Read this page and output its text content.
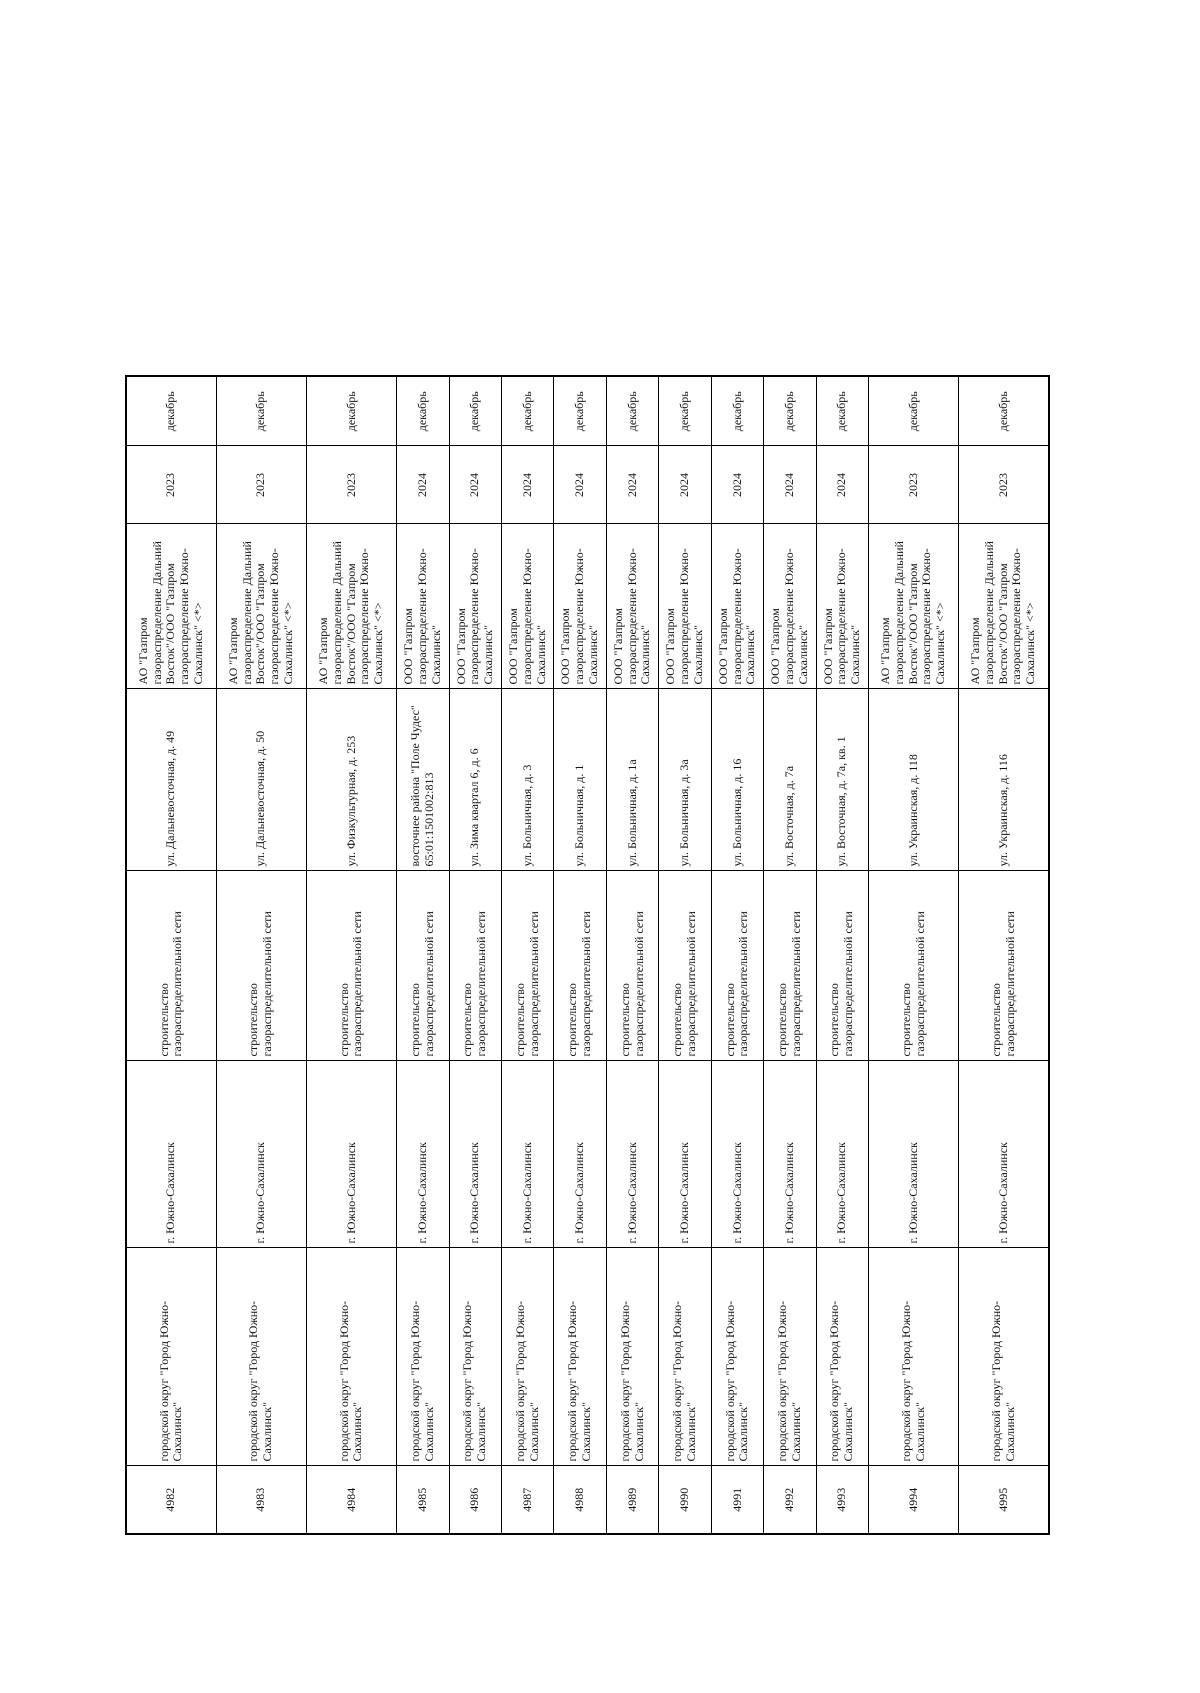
4982	городской округ "Город Южно-Сахалинск"	г. Южно-Сахалинск	строительство газораспределительной сети	ул. Дальневосточная, д. 49	АО "Газпром газораспределение Дальний Восток"/ООО "Газпром газораспределение Южно-Сахалинск" <*>	2023	декабрь
4983	городской округ "Город Южно-Сахалинск"	г. Южно-Сахалинск	строительство газораспределительной сети	ул. Дальневосточная, д. 50	АО "Газпром газораспределение Дальний Восток"/ООО "Газпром газораспределение Южно-Сахалинск" <*>	2023	декабрь
4984	городской округ "Город Южно-Сахалинск"	г. Южно-Сахалинск	строительство газораспределительной сети	ул. Физкультурная, д. 253	АО "Газпром газораспределение Дальний Восток"/ООО "Газпром газораспределение Южно-Сахалинск" <*>	2023	декабрь
4985	городской округ "Город Южно-Сахалинск"	г. Южно-Сахалинск	строительство газораспределительной сети	восточнее района "Поле Чудес" 65:01:1501002:813	ООО "Газпром газораспределение Южно-Сахалинск"	2024	декабрь
4986	городской округ "Город Южно-Сахалинск"	г. Южно-Сахалинск	строительство газораспределительной сети	ул. Зима квартал 6, д. 6	ООО "Газпром газораспределение Южно-Сахалинск"	2024	декабрь
4987	городской округ "Город Южно-Сахалинск"	г. Южно-Сахалинск	строительство газораспределительной сети	ул. Больничная, д. 3	ООО "Газпром газораспределение Южно-Сахалинск"	2024	декабрь
4988	городской округ "Город Южно-Сахалинск"	г. Южно-Сахалинск	строительство газораспределительной сети	ул. Больничная, д. 1	ООО "Газпром газораспределение Южно-Сахалинск"	2024	декабрь
4989	городской округ "Город Южно-Сахалинск"	г. Южно-Сахалинск	строительство газораспределительной сети	ул. Больничная, д. 1а	ООО "Газпром газораспределение Южно-Сахалинск"	2024	декабрь
4990	городской округ "Город Южно-Сахалинск"	г. Южно-Сахалинск	строительство газораспределительной сети	ул. Больничная, д. 3а	ООО "Газпром газораспределение Южно-Сахалинск"	2024	декабрь
4991	городской округ "Город Южно-Сахалинск"	г. Южно-Сахалинск	строительство газораспределительной сети	ул. Больничная, д. 16	ООО "Газпром газораспределение Южно-Сахалинск"	2024	декабрь
4992	городской округ "Город Южно-Сахалинск"	г. Южно-Сахалинск	строительство газораспределительной сети	ул. Восточная, д. 7а	ООО "Газпром газораспределение Южно-Сахалинск"	2024	декабрь
4993	городской округ "Город Южно-Сахалинск"	г. Южно-Сахалинск	строительство газораспределительной сети	ул. Восточная, д. 7а, кв. 1	ООО "Газпром газораспределение Южно-Сахалинск"	2024	декабрь
4994	городской округ "Город Южно-Сахалинск"	г. Южно-Сахалинск	строительство газораспределительной сети	ул. Украинская, д. 118	АО "Газпром газораспределение Дальний Восток"/ООО "Газпром газораспределение Южно-Сахалинск" <*>	2023	декабрь
4995	городской округ "Город Южно-Сахалинск"	г. Южно-Сахалинск	строительство газораспределительной сети	ул. Украинская, д. 116	АО "Газпром газораспределение Дальний Восток"/ООО "Газпром газораспределение Южно-Сахалинск" <*>	2023	декабрь
